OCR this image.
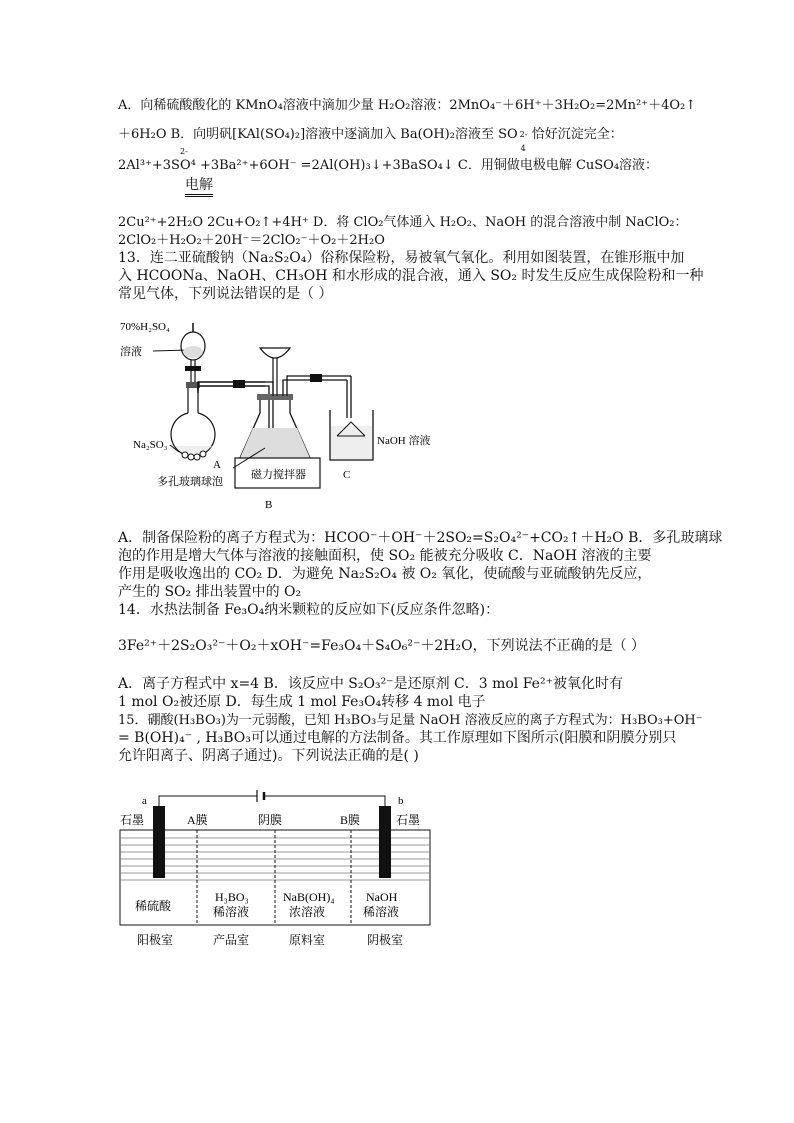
A．向稀硫酸酸化的 KMnO₄溶液中滴加少量 H₂O₂溶液：2MnO₄⁻＋6H⁺＋3H₂O₂=2Mn²⁺＋4O₂↑
＋6H₂O B．向明矾[KAl(SO₄)₂]溶液中逐滴加入 Ba(OH)₂溶液至 SO 2-
4
恰好沉淀完全：
2-
2Al³⁺+3SO⁴ +3Ba²⁺+6OH⁻ =2Al(OH)₃↓+3BaSO₄↓ C．用铜做电极电解 CuSO₄溶液：
电解
2Cu²⁺+2H₂O 2Cu+O₂↑+4H⁺ D．将 ClO₂气体通入 H₂O₂、NaOH 的混合溶液中制 NaClO₂：
2ClO₂＋H₂O₂＋20H⁻＝2ClO₂⁻＋O₂＋2H₂O
13．连二亚硫酸钠（Na₂S₂O₄）俗称保险粉，易被氧气氧化。利用如图装置，在锥形瓶中加
入 HCOONa、NaOH、CH₃OH 和水形成的混合液，通入 SO₂ 时发生反应生成保险粉和一种
常见气体，下列说法错误的是（ ）
70%H₂SO₄
溶液
Na₂SO₃
A
磁力搅拌器
多孔玻璃球泡
B
NaOH 溶液
C
A．制备保险粉的离子方程式为：HCOO⁻＋OH⁻＋2SO₂=S₂O₄²⁻+CO₂↑＋H₂O B．多孔玻璃球
泡的作用是增大气体与溶液的接触面积，使 SO₂ 能被充分吸收 C．NaOH 溶液的主要
作用是吸收逸出的 CO₂ D．为避免 Na₂S₂O₄ 被 O₂ 氧化，使硫酸与亚硫酸钠先反应，
产生的 SO₂ 排出装置中的 O₂
14．水热法制备 Fe₃O₄纳米颗粒的反应如下(反应条件忽略)：
3Fe²⁺＋2S₂O₃²⁻＋O₂＋xOH⁻=Fe₃O₄＋S₄O₆²⁻＋2H₂O，下列说法不正确的是（ ）
A．离子方程式中 x=4 B．该反应中 S₂O₃²⁻是还原剂 C．3 mol Fe²⁺被氧化时有
1 mol O₂被还原 D．每生成 1 mol Fe₃O₄转移 4 mol 电子
15．硼酸(H₃BO₃)为一元弱酸，已知 H₃BO₃与足量 NaOH 溶液反应的离子方程式为：H₃BO₃+OH⁻
= B(OH)₄⁻ , H₃BO₃可以通过电解的方法制备。其工作原理如下图所示(阳膜和阴膜分别只
允许阳离子、阴离子通过)。下列说法正确的是( )
a	b
石墨	石墨
A膜	阴膜	B膜
稀硫酸
H₃BO₃
稀溶液
NaB(OH)₄
浓溶液
NaOH
稀溶液
阳极室	产品室	原料室	阴极室
